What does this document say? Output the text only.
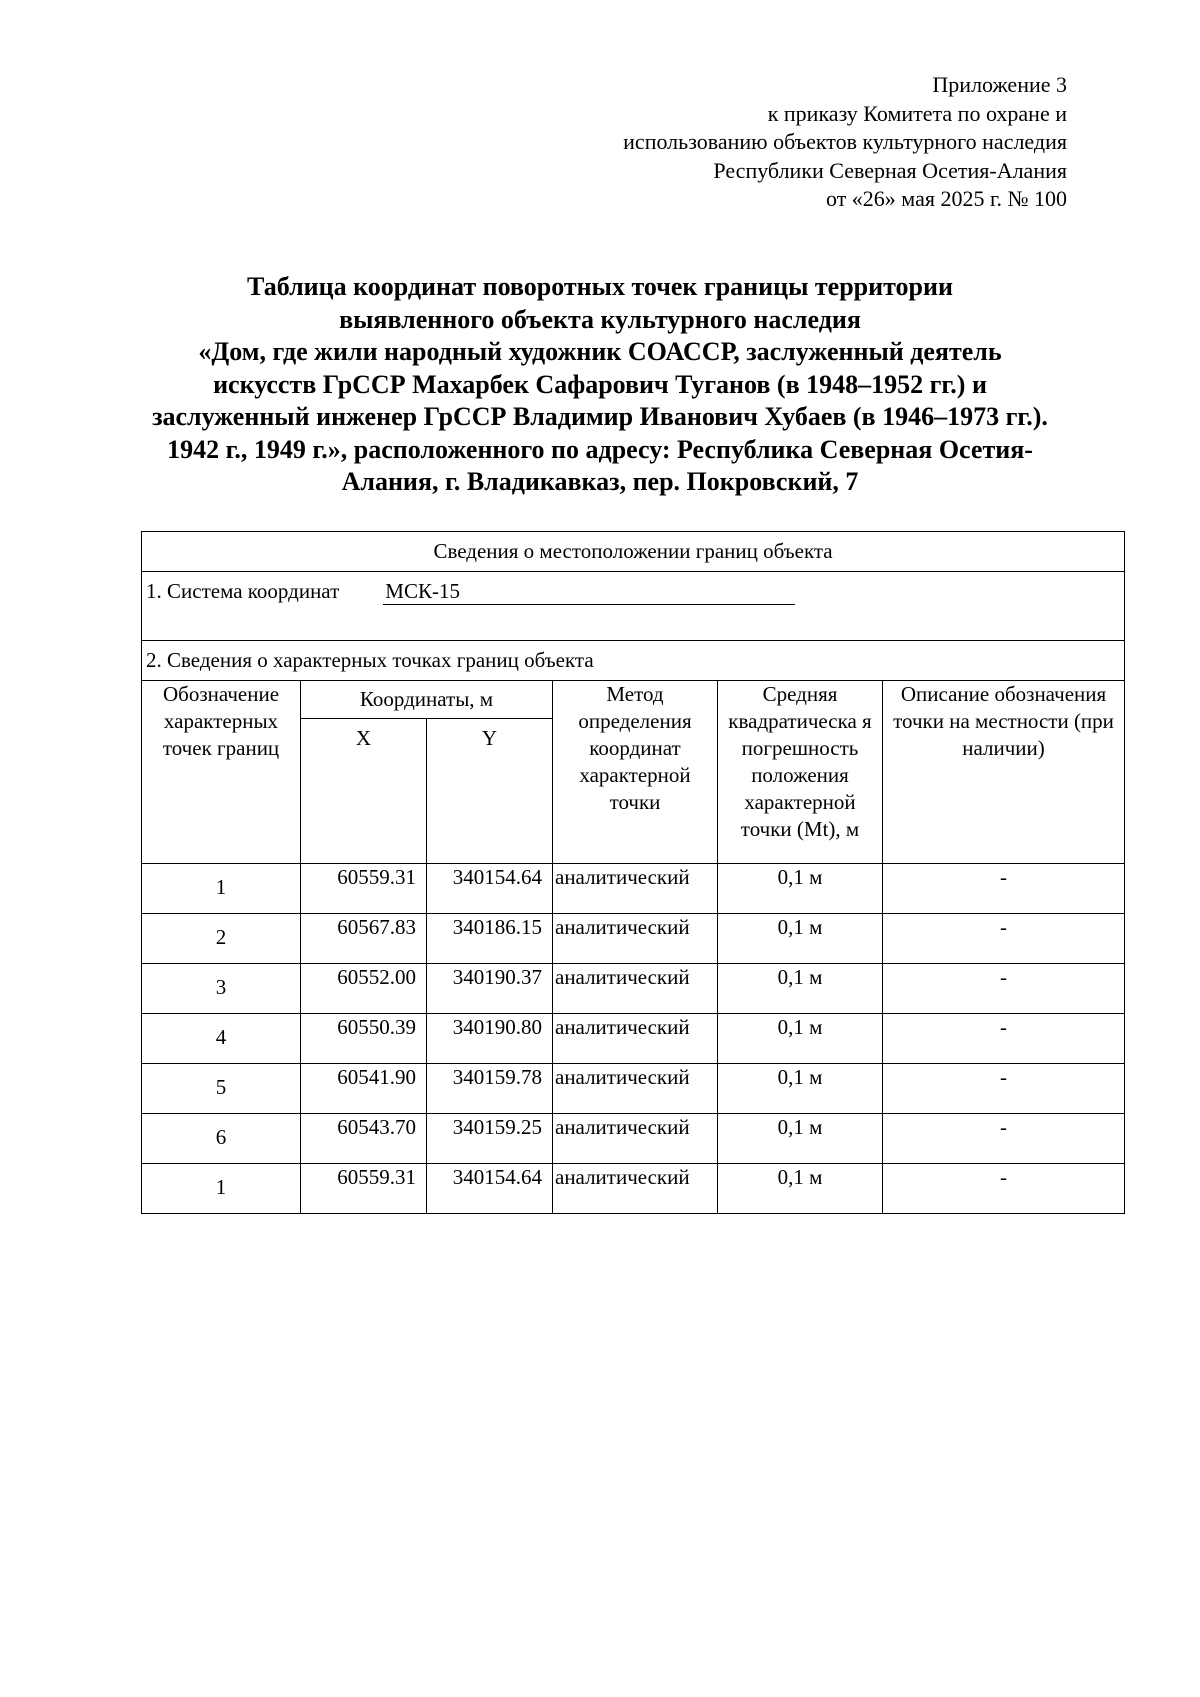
Приложение 3
к приказу Комитета по охране и
использованию объектов культурного наследия
Республики Северная Осетия-Алания
от «26» мая 2025 г. № 100
Таблица координат поворотных точек границы территории
выявленного объекта культурного наследия
«Дом, где жили народный художник СОАССР, заслуженный деятель
искусств ГрССР Махарбек Сафарович Туганов (в 1948–1952 гг.) и
заслуженный инженер ГрССР Владимир Иванович Хубаев (в 1946–1973 гг.).
1942 г., 1949 г.», расположенного по адресу: Республика Северная Осетия-
Алания, г. Владикавказ, пер. Покровский, 7
Сведения о местоположении границ объекта					
1. Система координат МСК-15					
2. Сведения о характерных точках границ объекта					
Обозначение характерных точек границ	Координаты, м		Метод определения координат характерной точки	Средняя квадратическа я погрешность положения характерной точки (Mt), м	Описание обозначения точки на местности (при наличии)
	X	Y			
1	60559.31	340154.64	аналитический	0,1 м	-
2	60567.83	340186.15	аналитический	0,1 м	-
3	60552.00	340190.37	аналитический	0,1 м	-
4	60550.39	340190.80	аналитический	0,1 м	-
5	60541.90	340159.78	аналитический	0,1 м	-
6	60543.70	340159.25	аналитический	0,1 м	-
1	60559.31	340154.64	аналитический	0,1 м	-
